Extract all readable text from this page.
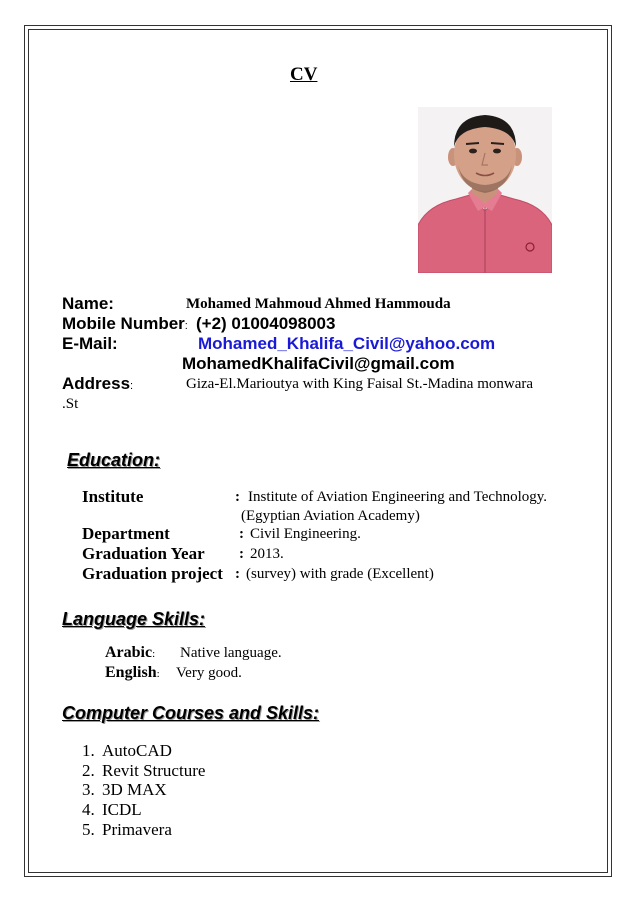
CV
Name:	Mohamed Mahmoud Ahmed Hammouda
Mobile Number: (+2) 01004098003
E-Mail:	Mohamed_Khalifa_Civil@yahoo.com
MohamedKhalifaCivil@gmail.com
Address:	Giza-El.Marioutya with King Faisal St.-Madina monwara
.St
Education:
Institute	: Institute of Aviation Engineering and Technology.
(Egyptian Aviation Academy)
Department	: Civil Engineering.
Graduation Year : 2013.
Graduation project : (survey) with grade (Excellent)
Language Skills:
Arabic: Native language.
English: Very good.
Computer Courses and Skills:
1. AutoCAD
2. Revit Structure
3. 3D MAX
4. ICDL
5. Primavera
